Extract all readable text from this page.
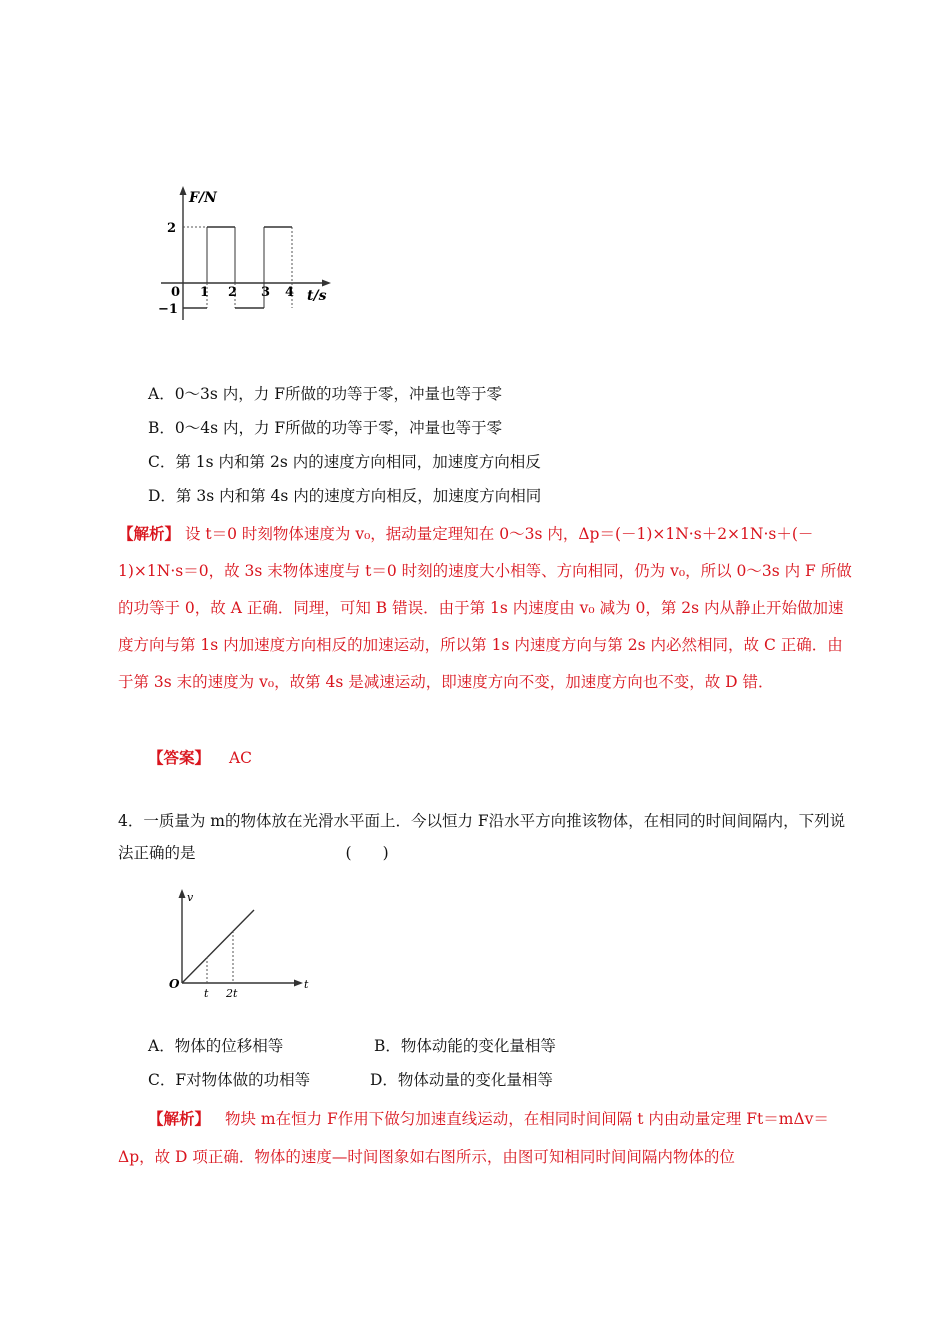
F/N
2
−1
0 1 2 3 4 t/s
A．0～3s 内，力 F所做的功等于零，冲量也等于零
B．0～4s 内，力 F所做的功等于零，冲量也等于零
C．第 1s 内和第 2s 内的速度方向相同，加速度方向相反
D．第 3s 内和第 4s 内的速度方向相反，加速度方向相同
【解析】 设 t＝0 时刻物体速度为 v₀，据动量定理知在 0～3s 内，Δp＝(－1)×1N·s＋2×1N·s＋(－1)×1N·s＝0，故 3s 末物体速度与 t＝0 时刻的速度大小相等、方向相同，仍为 v₀，所以 0～3s 内 F 所做的功等于 0，故 A 正确．同理，可知 B 错误．由于第 1s 内速度由 v₀ 减为 0，第 2s 内从静止开始做加速度方向与第 1s 内加速度方向相反的加速运动，所以第 1s 内速度方向与第 2s 内必然相同，故 C 正确．由于第 3s 末的速度为 v₀，故第 4s 是减速运动，即速度方向不变，加速度方向也不变，故 D 错．
【答案】 AC
4．一质量为 m的物体放在光滑水平面上．今以恒力 F沿水平方向推该物体，在相同的时间间隔内，下列说法正确的是	(　　)
v
O
t 2t
t
A．物体的位移相等	B．物体动能的变化量相等
C．F对物体做的功相等	D．物体动量的变化量相等
【解析】 物块 m在恒力 F作用下做匀加速直线运动，在相同时间间隔 t 内由动量定理 Ft＝mΔv＝Δp，故 D 项正确．物体的速度—时间图象如右图所示，由图可知相同时间间隔内物体的位
